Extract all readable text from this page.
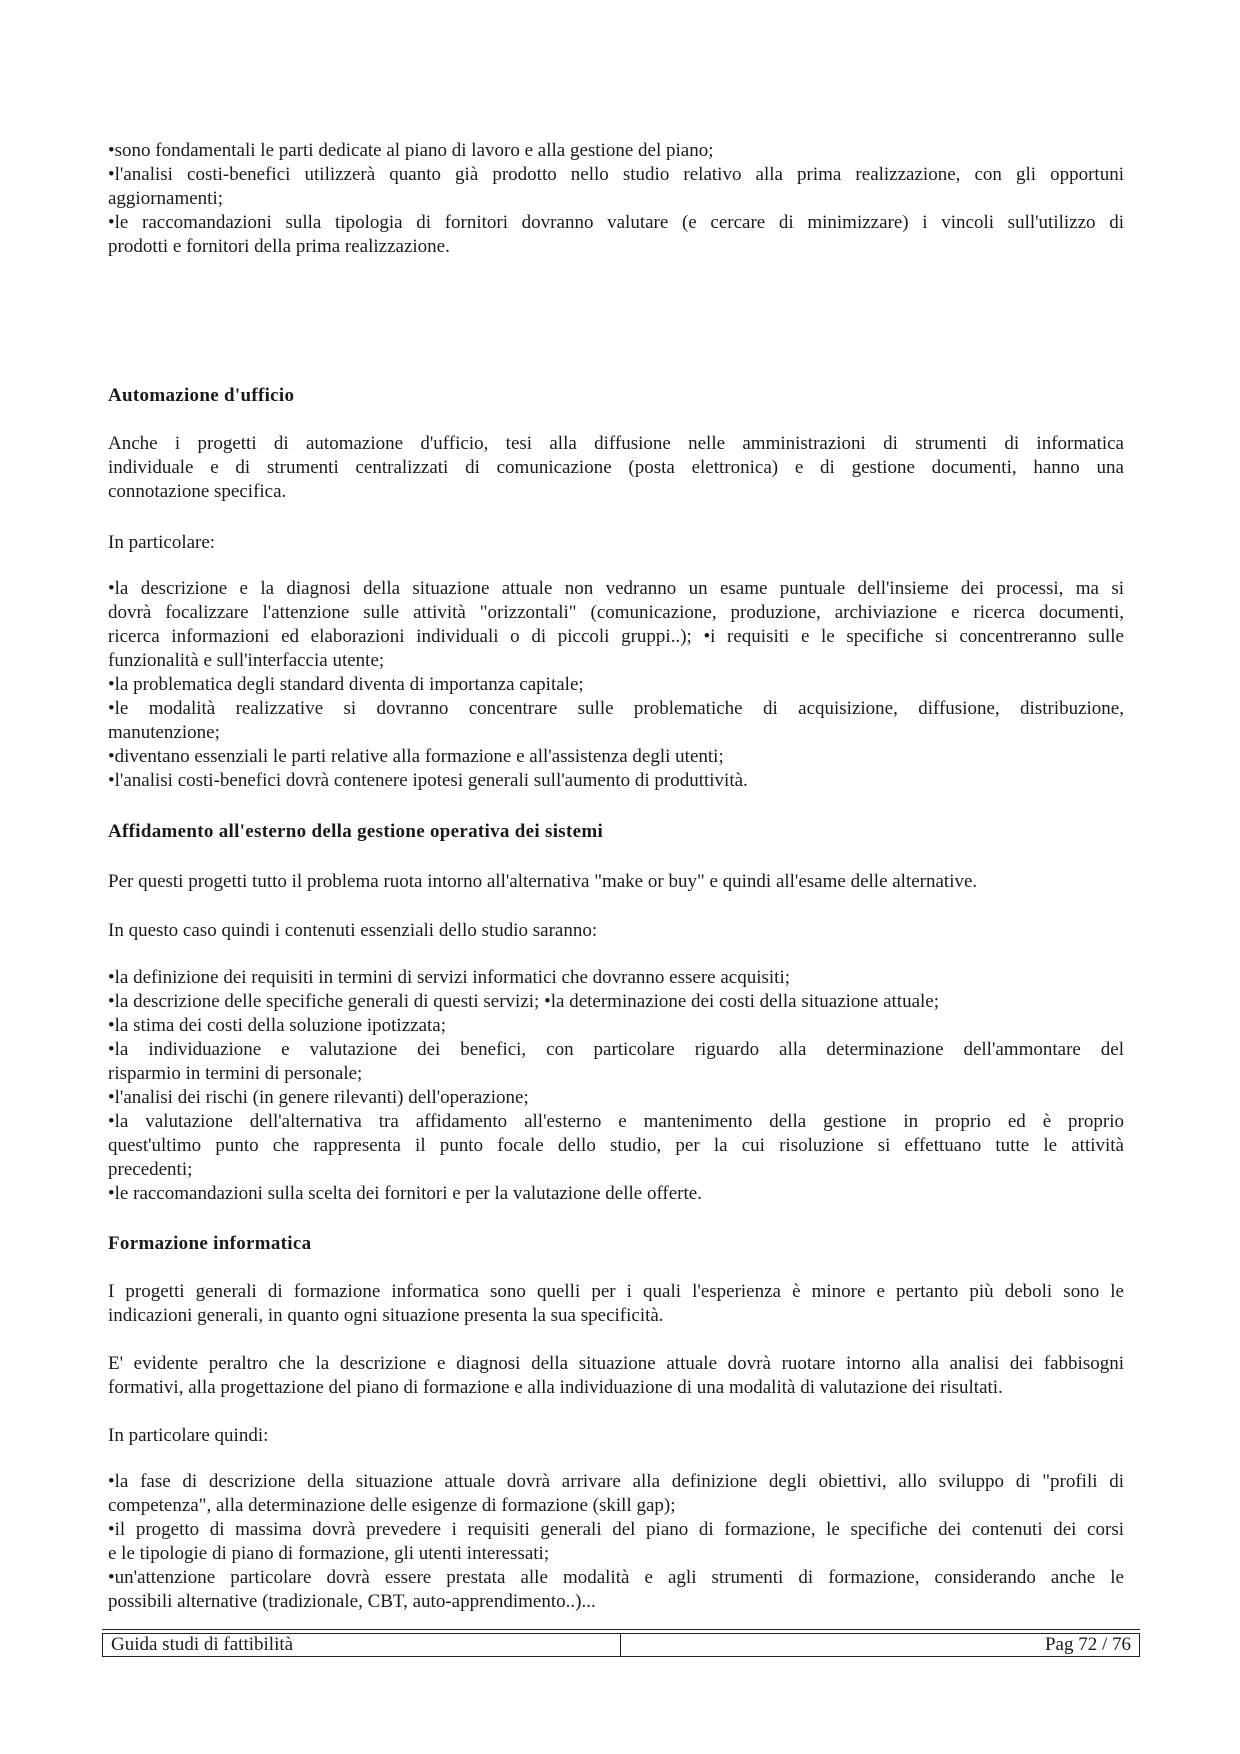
•sono fondamentali le parti dedicate al piano di lavoro e alla gestione del piano;

•l'analisi costi-benefici utilizzerà quanto già prodotto nello studio relativo alla prima realizzazione, con gli opportuni

aggiornamenti;

•le raccomandazioni sulla tipologia di fornitori dovranno valutare (e cercare di minimizzare) i vincoli sull'utilizzo di

prodotti e fornitori della prima realizzazione.

Automazione d'ufficio

Anche i progetti di automazione d'ufficio, tesi alla diffusione nelle amministrazioni di strumenti di informatica

individuale e di strumenti centralizzati di comunicazione (posta elettronica) e di gestione documenti, hanno una

connotazione specifica.

In particolare:

•la descrizione e la diagnosi della situazione attuale non vedranno un esame puntuale dell'insieme dei processi, ma si

dovrà focalizzare l'attenzione sulle attività "orizzontali" (comunicazione, produzione, archiviazione e ricerca documenti,

ricerca informazioni ed elaborazioni individuali o di piccoli gruppi..); •i requisiti e le specifiche si concentreranno sulle

funzionalità e sull'interfaccia utente;

•la problematica degli standard diventa di importanza capitale;

•le modalità realizzative si dovranno concentrare sulle problematiche di acquisizione, diffusione, distribuzione,

manutenzione;

•diventano essenziali le parti relative alla formazione e all'assistenza degli utenti;

•l'analisi costi-benefici dovrà contenere ipotesi generali sull'aumento di produttività.

Affidamento all'esterno della gestione operativa dei sistemi

Per questi progetti tutto il problema ruota intorno all'alternativa "make or buy" e quindi all'esame delle alternative.

In questo caso quindi i contenuti essenziali dello studio saranno:

•la definizione dei requisiti in termini di servizi informatici che dovranno essere acquisiti;

•la descrizione delle specifiche generali di questi servizi; •la determinazione dei costi della situazione attuale;

•la stima dei costi della soluzione ipotizzata;

•la individuazione e valutazione dei benefici, con particolare riguardo alla determinazione dell'ammontare del

risparmio in termini di personale;

•l'analisi dei rischi (in genere rilevanti) dell'operazione;

•la valutazione dell'alternativa tra affidamento all'esterno e mantenimento della gestione in proprio ed è proprio

quest'ultimo punto che rappresenta il punto focale dello studio, per la cui risoluzione si effettuano tutte le attività

precedenti;

•le raccomandazioni sulla scelta dei fornitori e per la valutazione delle offerte.

Formazione informatica

I progetti generali di formazione informatica sono quelli per i quali l'esperienza è minore e pertanto più deboli sono le

indicazioni generali, in quanto ogni situazione presenta la sua specificità.

E' evidente peraltro che la descrizione e diagnosi della situazione attuale dovrà ruotare intorno alla analisi dei fabbisogni

formativi, alla progettazione del piano di formazione e alla individuazione di una modalità di valutazione dei risultati.

In particolare quindi:

•la fase di descrizione della situazione attuale dovrà arrivare alla definizione degli obiettivi, allo sviluppo di "profili di

competenza", alla determinazione delle esigenze di formazione (skill gap);

•il progetto di massima dovrà prevedere i requisiti generali del piano di formazione, le specifiche dei contenuti dei corsi

e le tipologie di piano di formazione, gli utenti interessati;

•un'attenzione particolare dovrà essere prestata alle modalità e agli strumenti di formazione, considerando anche le

possibili alternative (tradizionale, CBT, auto-apprendimento..)...

Guida studi di fattibilità	Pag 72 / 76
